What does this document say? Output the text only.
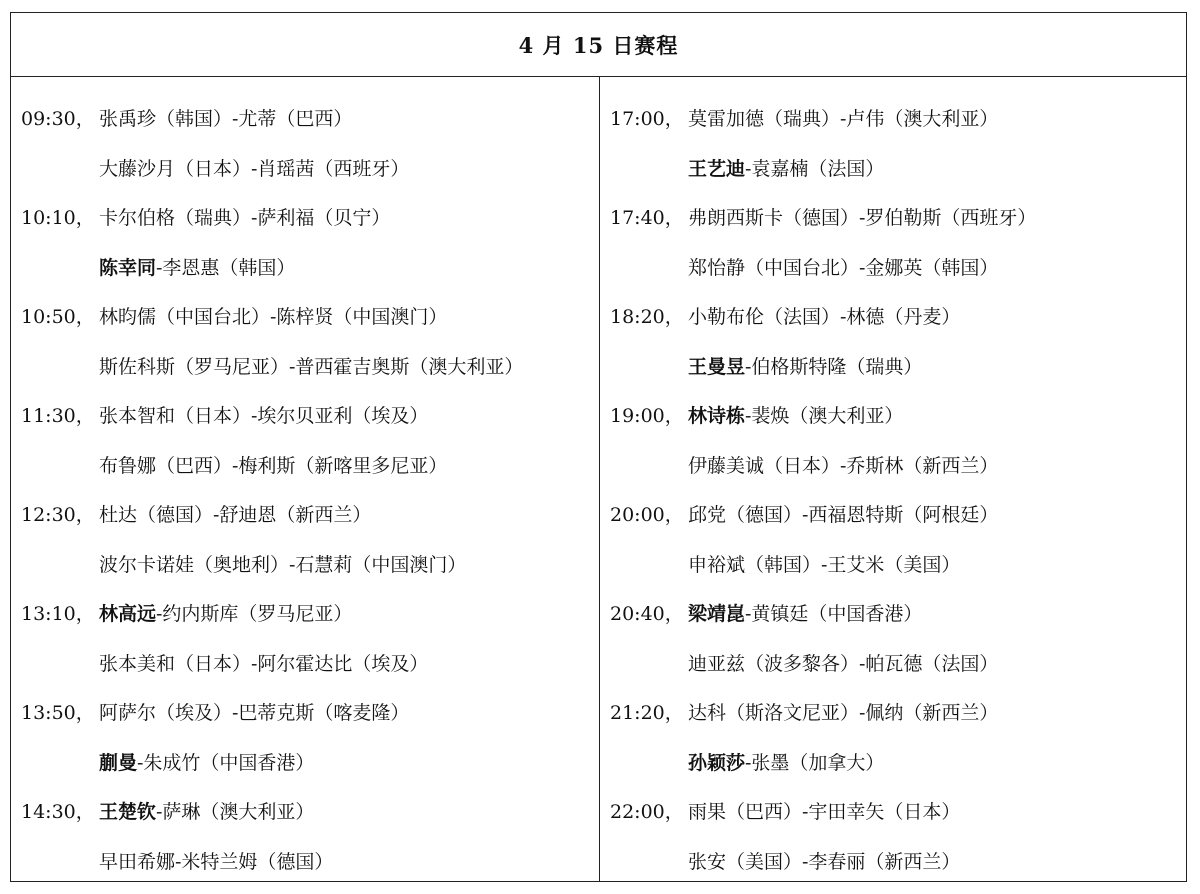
4 月 15 日赛程
09:30， 张禹珍（韩国）-尤蒂（巴西）
大藤沙月（日本）-肖瑶茜（西班牙）
10:10， 卡尔伯格（瑞典）-萨利福（贝宁）
陈幸同-李恩惠（韩国）
10:50， 林昀儒（中国台北）-陈梓贤（中国澳门）
斯佐科斯（罗马尼亚）-普西霍吉奥斯（澳大利亚）
11:30， 张本智和（日本）-埃尔贝亚利（埃及）
布鲁娜（巴西）-梅利斯（新喀里多尼亚）
12:30， 杜达（德国）-舒迪恩（新西兰）
波尔卡诺娃（奥地利）-石慧莉（中国澳门）
13:10， 林高远-约内斯库（罗马尼亚）
张本美和（日本）-阿尔霍达比（埃及）
13:50， 阿萨尔（埃及）-巴蒂克斯（喀麦隆）
蒯曼-朱成竹（中国香港）
14:30， 王楚钦-萨琳（澳大利亚）
早田希娜-米特兰姆（德国）
17:00， 莫雷加德（瑞典）-卢伟（澳大利亚）
王艺迪-袁嘉楠（法国）
17:40， 弗朗西斯卡（德国）-罗伯勒斯（西班牙）
郑怡静（中国台北）-金娜英（韩国）
18:20， 小勒布伦（法国）-林德（丹麦）
王曼昱-伯格斯特隆（瑞典）
19:00， 林诗栋-裴焕（澳大利亚）
伊藤美诚（日本）-乔斯林（新西兰）
20:00， 邱党（德国）-西福恩特斯（阿根廷）
申裕斌（韩国）-王艾米（美国）
20:40， 梁靖崑-黄镇廷（中国香港）
迪亚兹（波多黎各）-帕瓦德（法国）
21:20， 达科（斯洛文尼亚）-佩纳（新西兰）
孙颖莎-张墨（加拿大）
22:00， 雨果（巴西）-宇田幸矢（日本）
张安（美国）-李春丽（新西兰）
